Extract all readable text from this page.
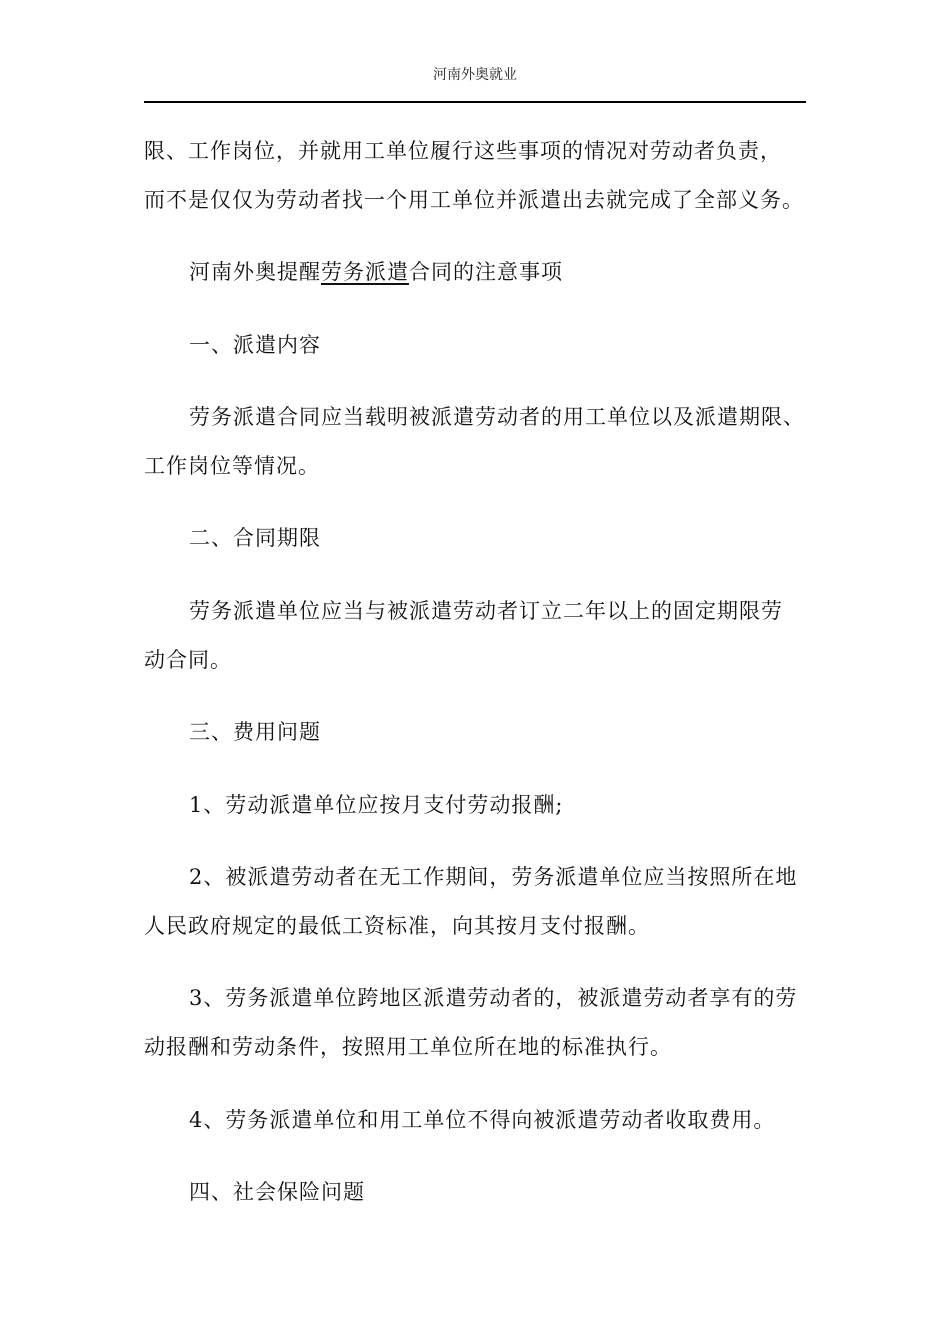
河南外奥就业
限、工作岗位，并就用工单位履行这些事项的情况对劳动者负责，
而不是仅仅为劳动者找一个用工单位并派遣出去就完成了全部义务。
河南外奥提醒劳务派遣合同的注意事项
一、派遣内容
劳务派遣合同应当载明被派遣劳动者的用工单位以及派遣期限、
工作岗位等情况。
二、合同期限
劳务派遣单位应当与被派遣劳动者订立二年以上的固定期限劳
动合同。
三、费用问题
1、劳动派遣单位应按月支付劳动报酬;
2、被派遣劳动者在无工作期间，劳务派遣单位应当按照所在地
人民政府规定的最低工资标准，向其按月支付报酬。
3、劳务派遣单位跨地区派遣劳动者的，被派遣劳动者享有的劳
动报酬和劳动条件，按照用工单位所在地的标准执行。
4、劳务派遣单位和用工单位不得向被派遣劳动者收取费用。
四、社会保险问题
